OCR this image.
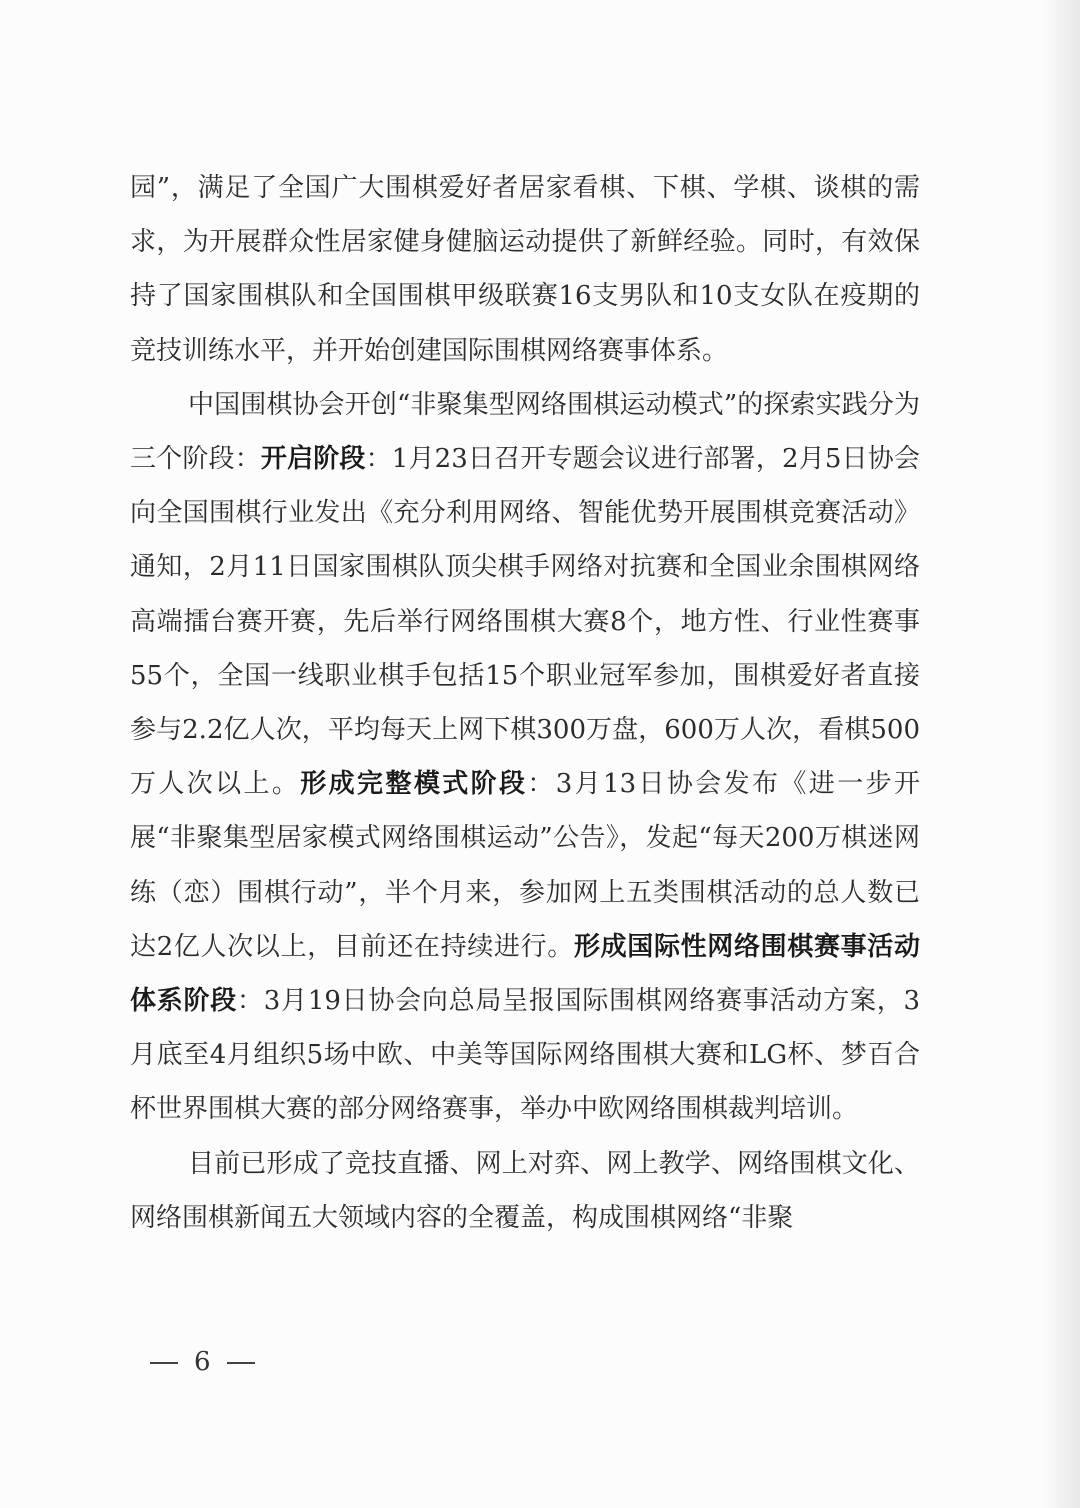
园”，满足了全国广大围棋爱好者居家看棋、下棋、学棋、谈棋的需求，为开展群众性居家健身健脑运动提供了新鲜经验。同时，有效保持了国家围棋队和全国围棋甲级联赛16支男队和10支女队在疫期的竞技训练水平，并开始创建国际围棋网络赛事体系。

中国围棋协会开创“非聚集型网络围棋运动模式”的探索实践分为三个阶段：开启阶段：1月23日召开专题会议进行部署，2月5日协会向全国围棋行业发出《充分利用网络、智能优势开展围棋竞赛活动》通知，2月11日国家围棋队顶尖棋手网络对抗赛和全国业余围棋网络高端擂台赛开赛，先后举行网络围棋大赛8个，地方性、行业性赛事55个，全国一线职业棋手包括15个职业冠军参加，围棋爱好者直接参与2.2亿人次，平均每天上网下棋300万盘，600万人次，看棋500万人次以上。形成完整模式阶段：3月13日协会发布《进一步开展“非聚集型居家模式网络围棋运动”公告》，发起“每天200万棋迷网练（恋）围棋行动”，半个月来，参加网上五类围棋活动的总人数已达2亿人次以上，目前还在持续进行。形成国际性网络围棋赛事活动体系阶段：3月19日协会向总局呈报国际围棋网络赛事活动方案，3月底至4月组织5场中欧、中美等国际网络围棋大赛和LG杯、梦百合杯世界围棋大赛的部分网络赛事，举办中欧网络围棋裁判培训。

目前已形成了竞技直播、网上对弈、网上教学、网络围棋文化、网络围棋新闻五大领域内容的全覆盖，构成围棋网络“非聚

6
